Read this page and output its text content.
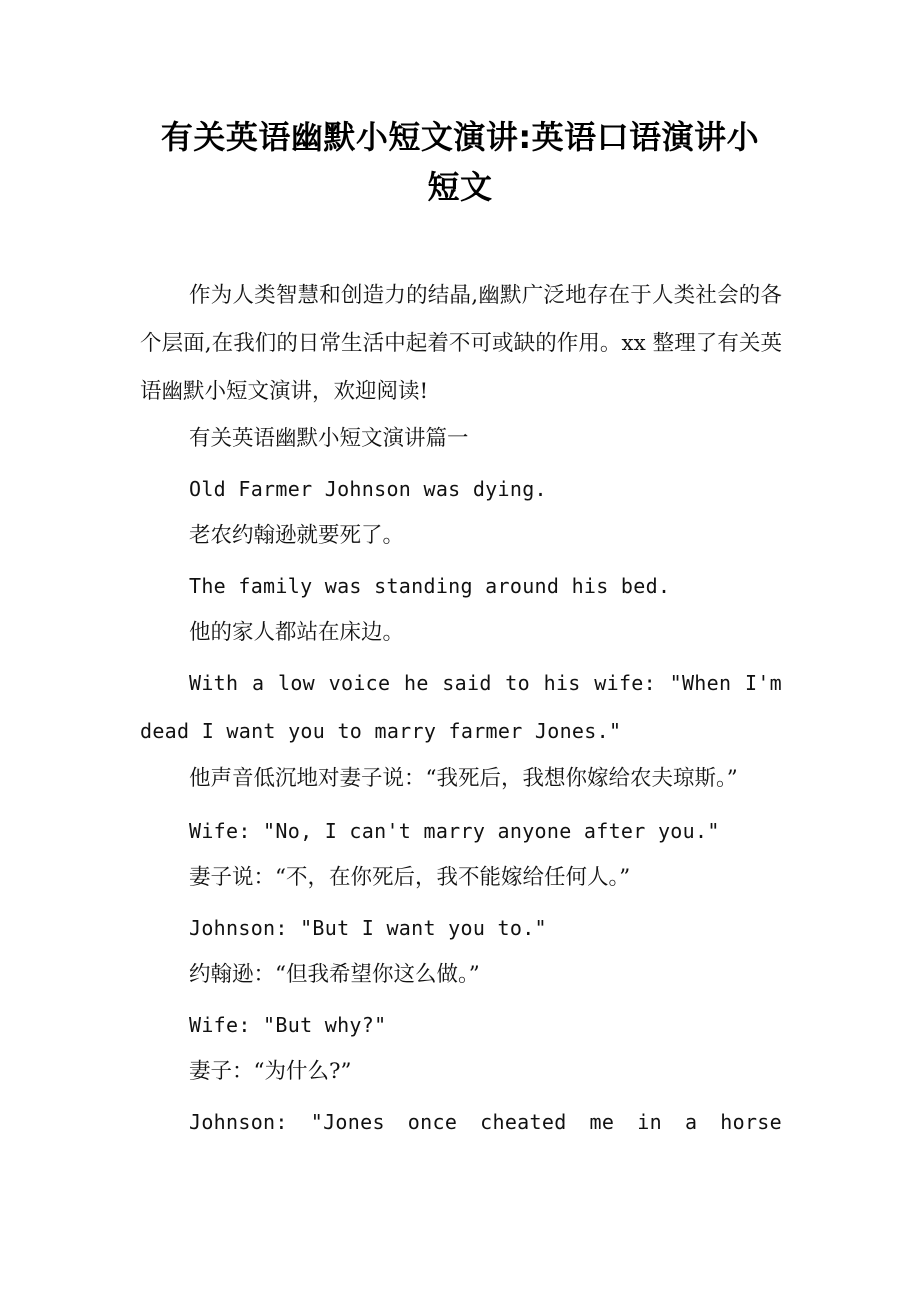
有关英语幽默小短文演讲:英语口语演讲小
短文

作为人类智慧和创造力的结晶,幽默广泛地存在于人类社会的各个层面,在我们的日常生活中起着不可或缺的作用。xx 整理了有关英语幽默小短文演讲，欢迎阅读!

有关英语幽默小短文演讲篇一

Old Farmer Johnson was dying.

老农约翰逊就要死了。

The family was standing around his bed.

他的家人都站在床边。

With a low voice he said to his wife: "When I'm dead I want you to marry farmer Jones."

他声音低沉地对妻子说：“我死后，我想你嫁给农夫琼斯。”

Wife: "No, I can't marry anyone after you."

妻子说：“不，在你死后，我不能嫁给任何人。”

Johnson: "But I want you to."

约翰逊：“但我希望你这么做。”

Wife: "But why?"

妻子：“为什么?”

Johnson: "Jones once cheated me in a horse
